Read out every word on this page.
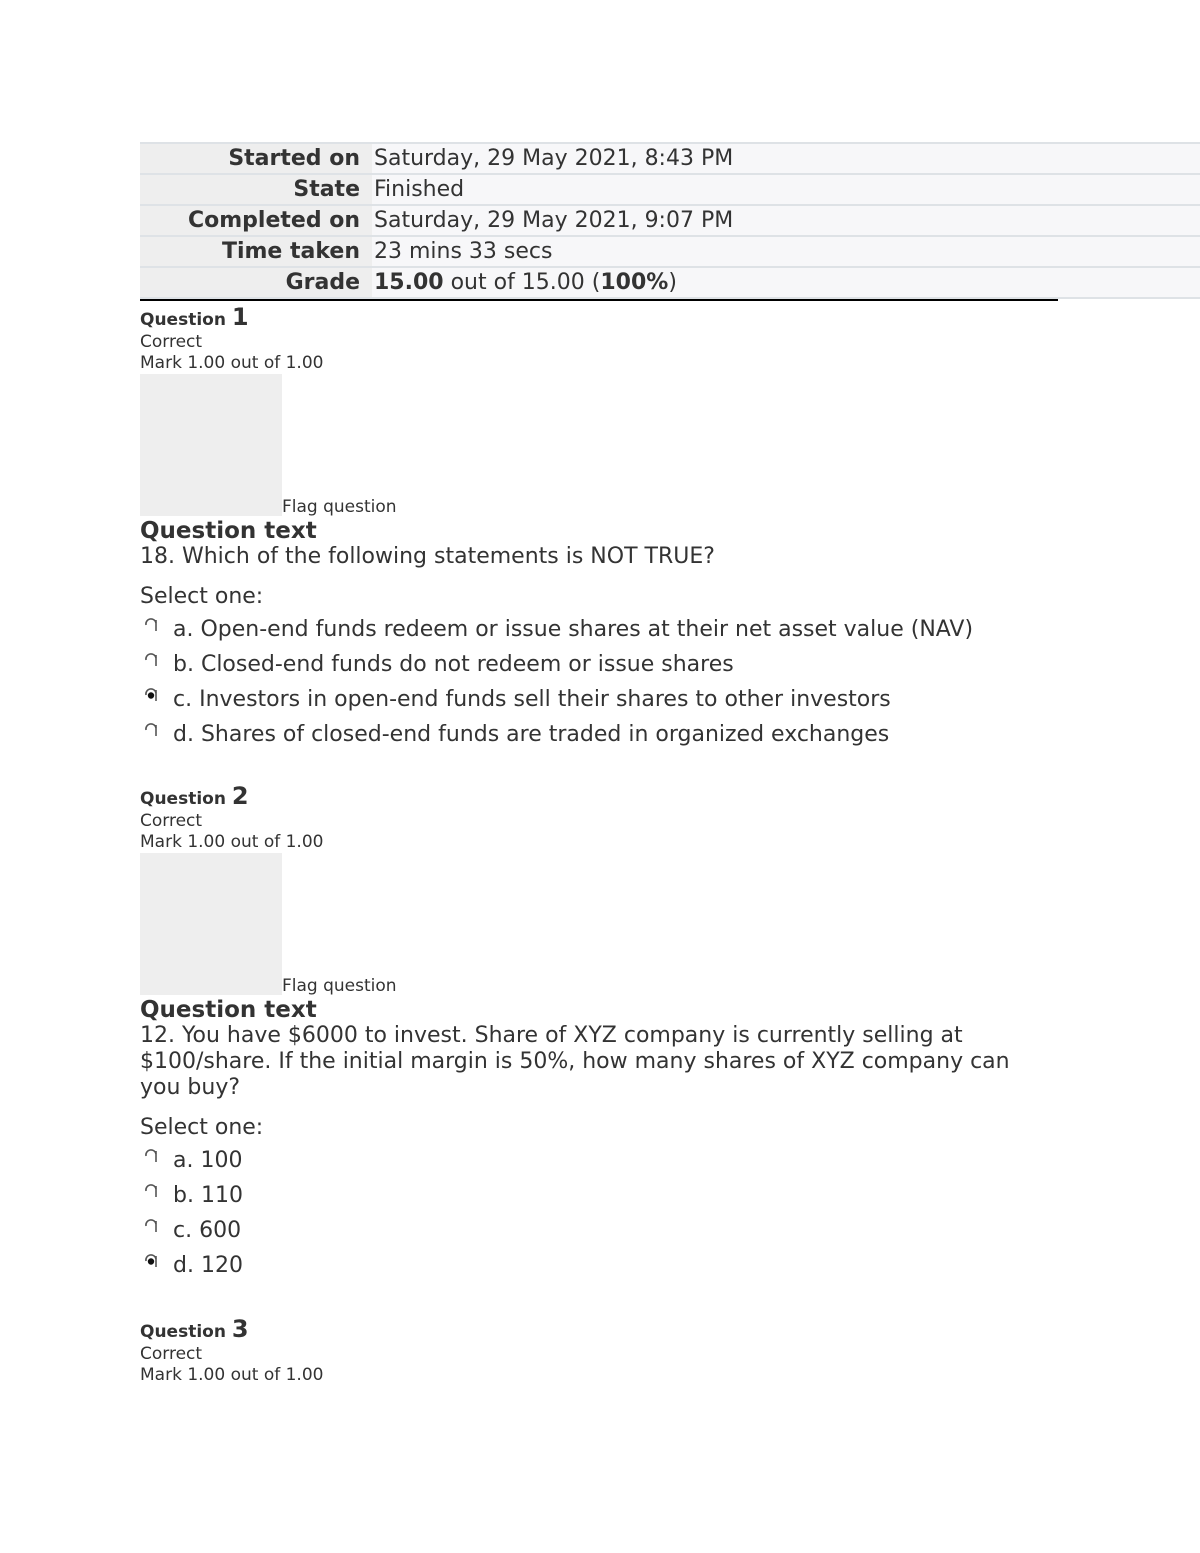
Started on	Saturday, 29 May 2021, 8:43 PM
State	Finished
Completed on	Saturday, 29 May 2021, 9:07 PM
Time taken	23 mins 33 secs
Grade	15.00 out of 15.00 (100%)
Question 1
Correct
Mark 1.00 out of 1.00
Flag question
Question text
18. Which of the following statements is NOT TRUE?
Select one:
a. Open-end funds redeem or issue shares at their net asset value (NAV)
b. Closed-end funds do not redeem or issue shares
c. Investors in open-end funds sell their shares to other investors
d. Shares of closed-end funds are traded in organized exchanges
Question 2
Correct
Mark 1.00 out of 1.00
Flag question
Question text
12. You have $6000 to invest. Share of XYZ company is currently selling at $100/share. If the initial margin is 50%, how many shares of XYZ company can you buy?
Select one:
a. 100
b. 110
c. 600
d. 120
Question 3
Correct
Mark 1.00 out of 1.00
